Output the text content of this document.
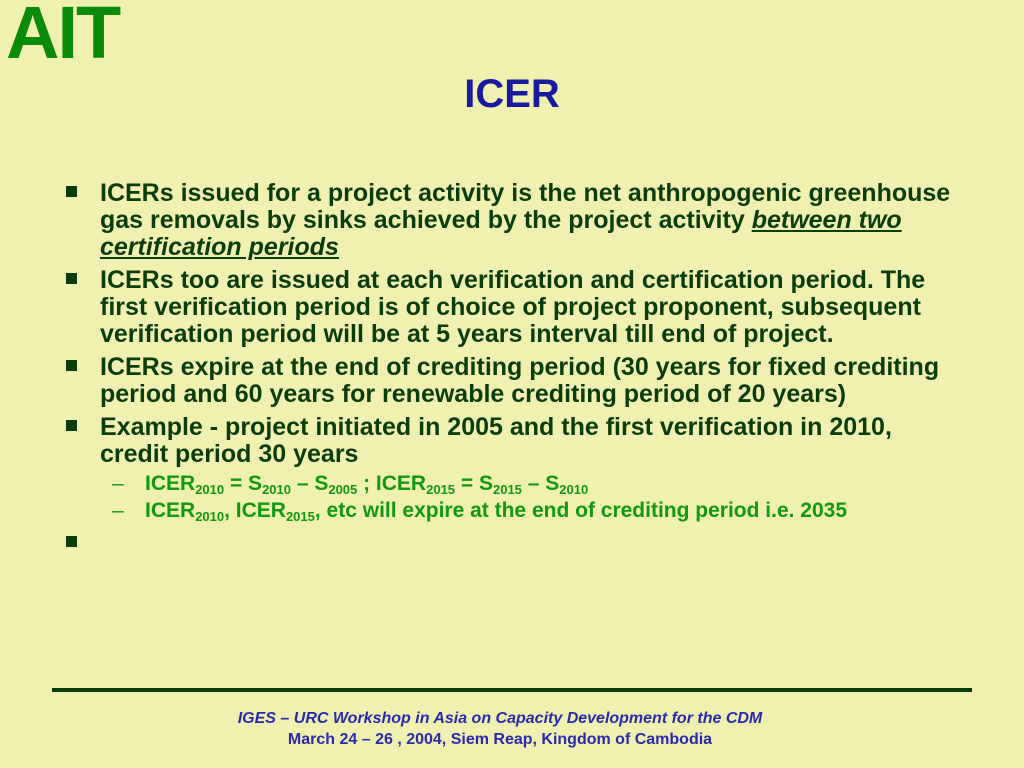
AIT
ICER
ICERs issued for a project activity is the net anthropogenic greenhouse gas removals by sinks achieved by the project activity between two certification periods
ICERs too are issued at each verification and certification period. The first verification period is of choice of project proponent, subsequent verification period will be at 5 years interval till end of project.
ICERs expire at the end of crediting period (30 years for fixed crediting period and 60 years for renewable crediting period of 20 years)
Example - project initiated in 2005 and the first verification in 2010, credit period 30 years
– $ICER_{2010} = S_{2010} - S_{2005}$ ; $ICER_{2015} = S_{2015} - S_{2010}$
– $ICER_{2010}$, $ICER_{2015}$, etc will expire at the end of crediting period i.e. 2035
IGES – URC Workshop in Asia on Capacity Development for the CDM
March 24 – 26 , 2004, Siem Reap, Kingdom of Cambodia
